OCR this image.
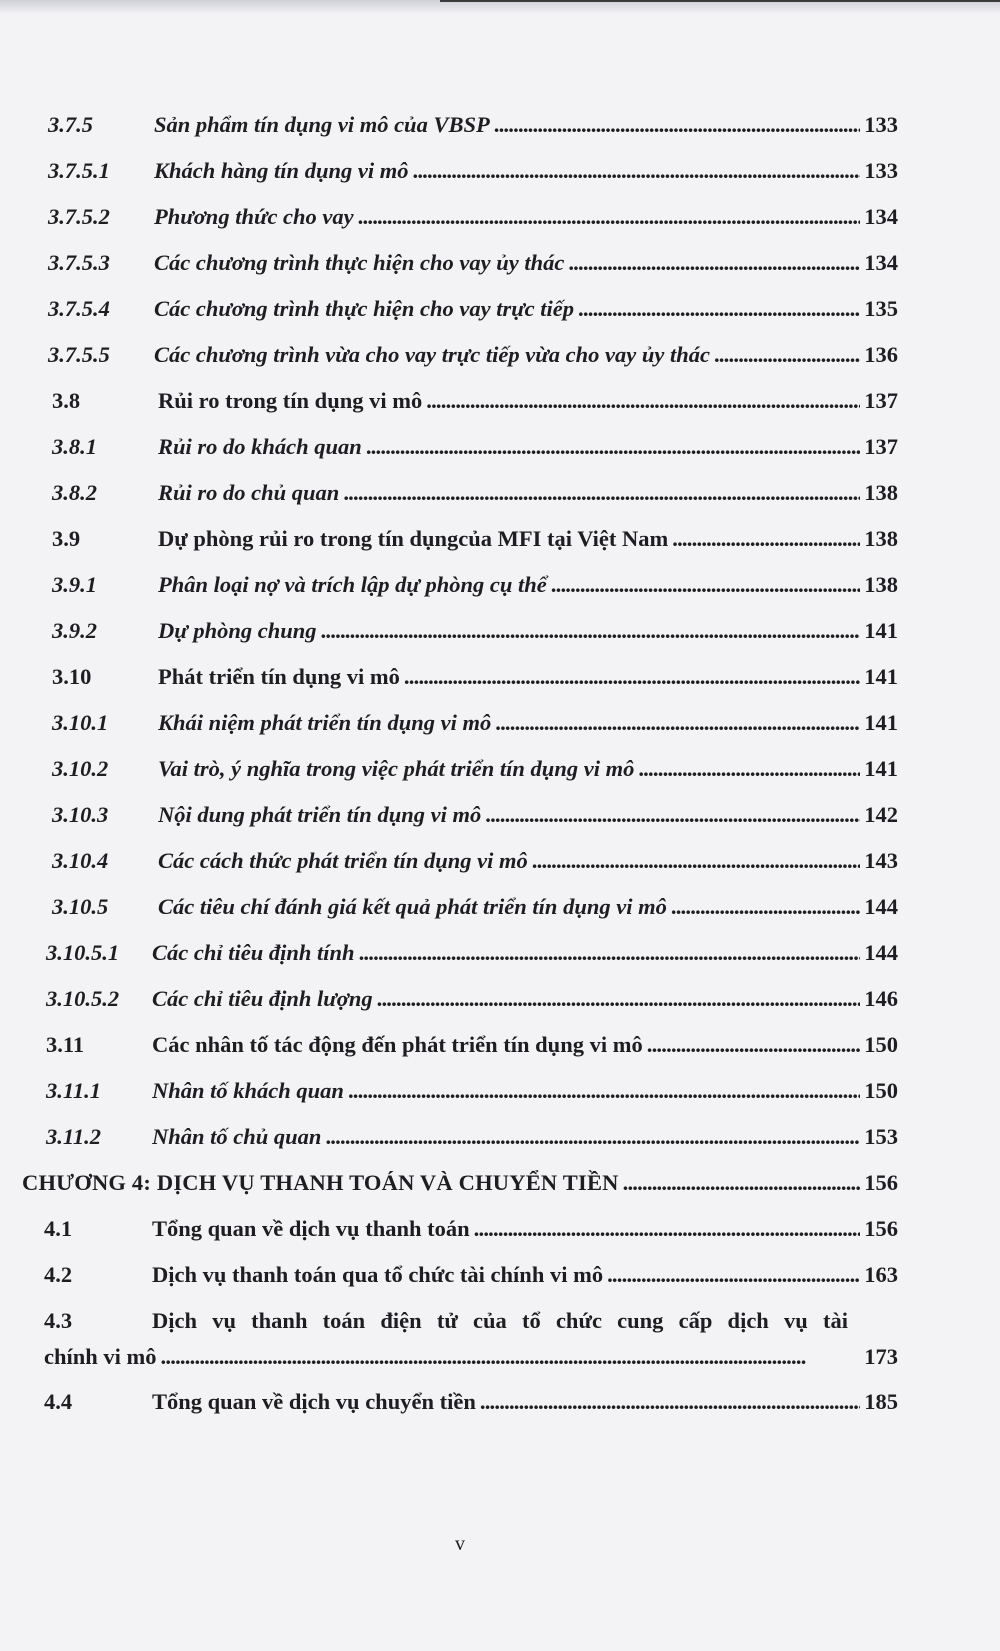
3.7.5	Sản phẩm tín dụng vi mô của VBSP . . .	133
3.7.5.1 Khách hàng tín dụng vi mô . . .	133
3.7.5.2 Phương thức cho vay . . .	134
3.7.5.3 Các chương trình thực hiện cho vay ủy thác . . .	134
3.7.5.4 Các chương trình thực hiện cho vay trực tiếp . . .	135
3.7.5.5 Các chương trình vừa cho vay trực tiếp vừa cho vay ủy thác . . .	136
3.8	Rủi ro trong tín dụng vi mô . . .	137
3.8.1	Rủi ro do khách quan . . .	137
3.8.2	Rủi ro do chủ quan . . .	138
3.9	Dự phòng rủi ro trong tín dụngcủa MFI tại Việt Nam . . .	138
3.9.1	Phân loại nợ và trích lập dự phòng cụ thể . . .	138
3.9.2	Dự phòng chung . . .	141
3.10	Phát triển tín dụng vi mô . . .	141
3.10.1 Khái niệm phát triển tín dụng vi mô . . .	141
3.10.2 Vai trò, ý nghĩa trong việc phát triển tín dụng vi mô . . .	141
3.10.3 Nội dung phát triển tín dụng vi mô . . .	142
3.10.4 Các cách thức phát triển tín dụng vi mô . . .	143
3.10.5 Các tiêu chí đánh giá kết quả phát triển tín dụng vi mô . . .	144
3.10.5.1 Các chỉ tiêu định tính . . .	144
3.10.5.2 Các chỉ tiêu định lượng . . .	146
3.11	Các nhân tố tác động đến phát triển tín dụng vi mô . . .	150
3.11.1 Nhân tố khách quan . . .	150
3.11.2 Nhân tố chủ quan . . .	153
CHƯƠNG 4: DỊCH VỤ THANH TOÁN VÀ CHUYỂN TIỀN . . .	156
4.1	Tổng quan về dịch vụ thanh toán . . .	156
4.2	Dịch vụ thanh toán qua tổ chức tài chính vi mô . . .	163
4.3	Dịch vụ thanh toán điện tử của tổ chức cung cấp dịch vụ tài
chính vi mô . . .	173
4.4	Tổng quan về dịch vụ chuyển tiền . . .	185
v
